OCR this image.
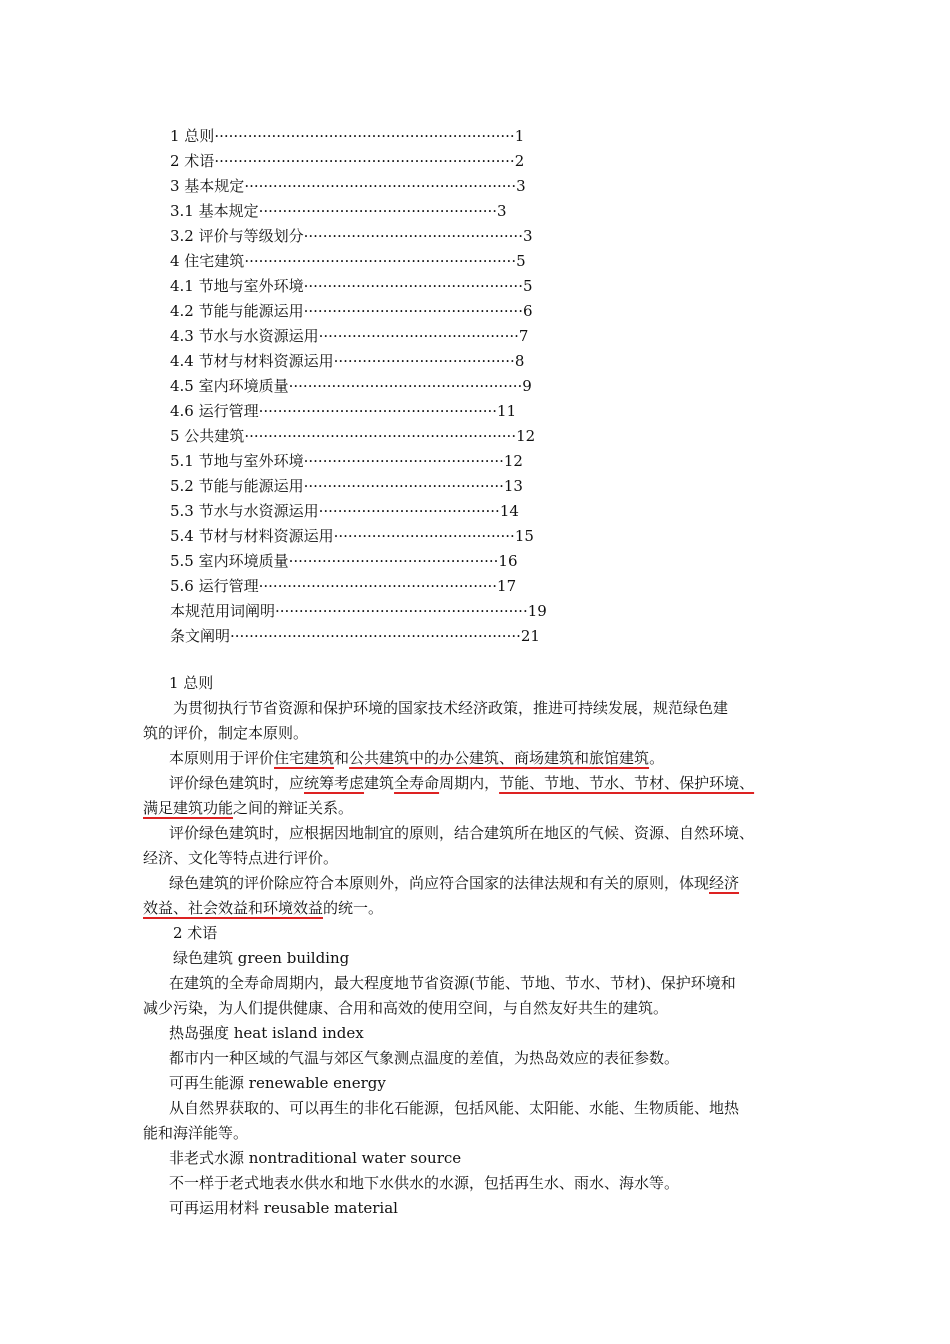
1 总则·······························································1
2 术语·······························································2
3 基本规定·························································3
3.1 基本规定··················································3
3.2 评价与等级划分··············································3
4 住宅建筑·························································5
4.1 节地与室外环境··············································5
4.2 节能与能源运用··············································6
4.3 节水与水资源运用··········································7
4.4 节材与材料资源运用······································8
4.5 室内环境质量·················································9
4.6 运行管理··················································11
5 公共建筑·························································12
5.1 节地与室外环境··········································12
5.2 节能与能源运用··········································13
5.3 节水与水资源运用······································14
5.4 节材与材料资源运用······································15
5.5 室内环境质量············································16
5.6 运行管理··················································17
本规范用词阐明·····················································19
条文阐明·····························································21
1 总则
为贯彻执行节省资源和保护环境的国家技术经济政策，推进可持续发展，规范绿色建
筑的评价，制定本原则。
本原则用于评价住宅建筑和公共建筑中的办公建筑、商场建筑和旅馆建筑。
评价绿色建筑时，应统筹考虑建筑全寿命周期内，节能、节地、节水、节材、保护环境、
满足建筑功能之间的辩证关系。
评价绿色建筑时，应根据因地制宜的原则，结合建筑所在地区的气候、资源、自然环境、
经济、文化等特点进行评价。
绿色建筑的评价除应符合本原则外，尚应符合国家的法律法规和有关的原则，体现经济
效益、社会效益和环境效益的统一。
2 术语
绿色建筑 green building
在建筑的全寿命周期内，最大程度地节省资源(节能、节地、节水、节材)、保护环境和
减少污染，为人们提供健康、合用和高效的使用空间，与自然友好共生的建筑。
热岛强度 heat island index
都市内一种区域的气温与郊区气象测点温度的差值，为热岛效应的表征参数。
可再生能源 renewable energy
从自然界获取的、可以再生的非化石能源，包括风能、太阳能、水能、生物质能、地热
能和海洋能等。
非老式水源 nontraditional water source
不一样于老式地表水供水和地下水供水的水源，包括再生水、雨水、海水等。
可再运用材料 reusable material
